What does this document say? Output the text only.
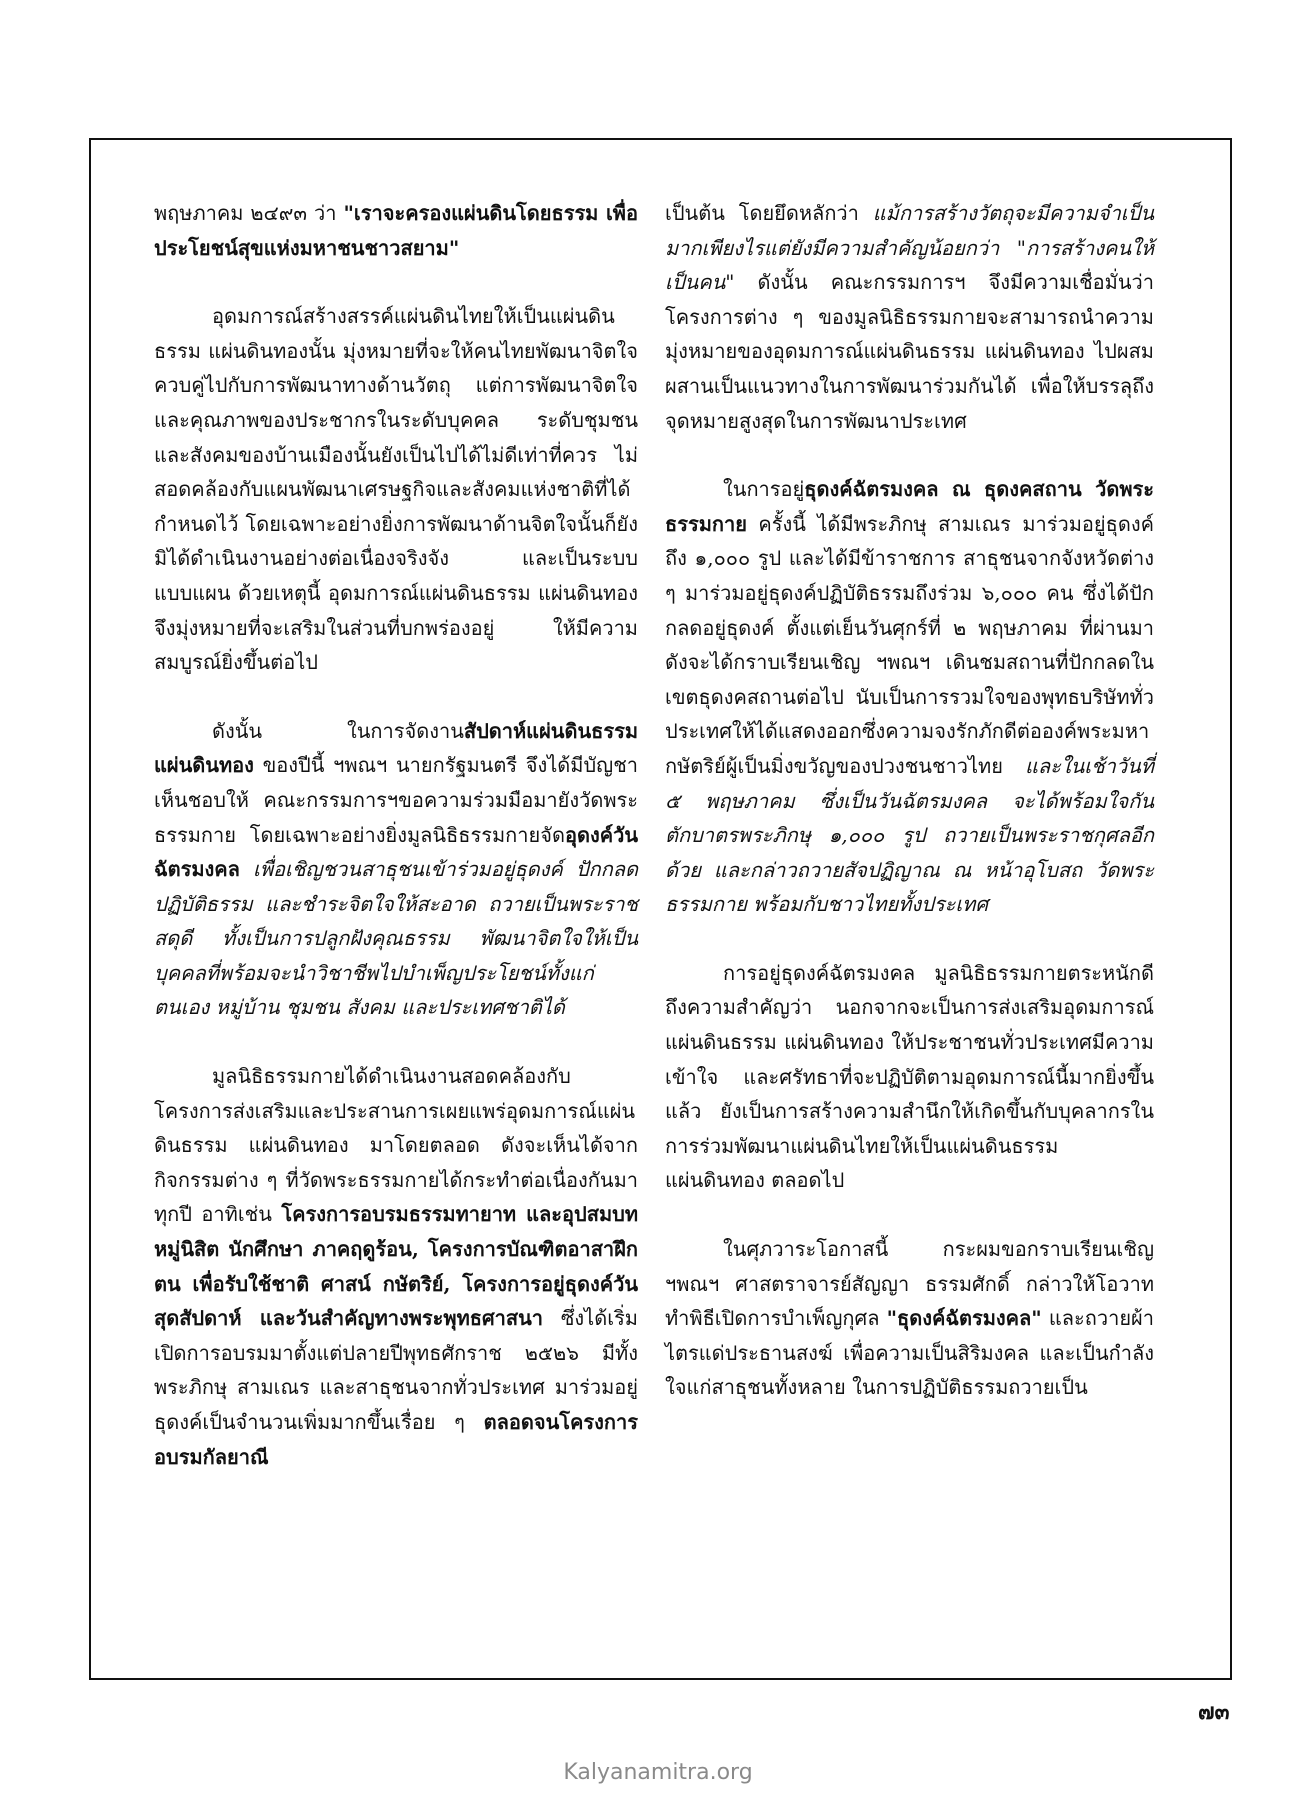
พฤษภาคม ๒๔๙๓ ว่า "เราจะครองแผ่นดินโดยธรรม เพื่อประโยชน์สุขแห่งมหาชนชาวสยาม"

อุดมการณ์สร้างสรรค์แผ่นดินไทยให้เป็นแผ่นดินธรรม แผ่นดินทองนั้น มุ่งหมายที่จะให้คนไทยพัฒนาจิตใจ ควบคู่ไปกับการพัฒนาทางด้านวัตถุ แต่การพัฒนาจิตใจและคุณภาพของประชากรในระดับบุคคล ระดับชุมชน และสังคมของบ้านเมืองนั้นยังเป็นไปได้ไม่ดีเท่าที่ควร ไม่สอดคล้องกับแผนพัฒนาเศรษฐกิจและสังคมแห่งชาติที่ได้กำหนดไว้ โดยเฉพาะอย่างยิ่งการพัฒนาด้านจิตใจนั้นก็ยังมิได้ดำเนินงานอย่างต่อเนื่องจริงจัง และเป็นระบบแบบแผน ด้วยเหตุนี้ อุดมการณ์แผ่นดินธรรม แผ่นดินทอง จึงมุ่งหมายที่จะเสริมในส่วนที่บกพร่องอยู่ ให้มีความสมบูรณ์ยิ่งขึ้นต่อไป

ดังนั้น ในการจัดงานสัปดาห์แผ่นดินธรรม แผ่นดินทอง ของปีนี้ ฯพณฯ นายกรัฐมนตรี จึงได้มีบัญชาเห็นชอบให้ คณะกรรมการฯขอความร่วมมือมายังวัดพระธรรมกาย โดยเฉพาะอย่างยิ่งมูลนิธิธรรมกายจัดอุดงค์วันฉัตรมงคล เพื่อเชิญชวนสาธุชนเข้าร่วมอยู่ธุดงค์ ปักกลดปฏิบัติธรรม และชำระจิตใจให้สะอาด ถวายเป็นพระราชสดุดี ทั้งเป็นการปลูกฝังคุณธรรม พัฒนาจิตใจให้เป็นบุคคลที่พร้อมจะนำวิชาชีพไปบำเพ็ญประโยชน์ทั้งแก่ตนเอง หมู่บ้าน ชุมชน สังคม และประเทศชาติได้

มูลนิธิธรรมกายได้ดำเนินงานสอดคล้องกับโครงการส่งเสริมและประสานการเผยแพร่อุดมการณ์แผ่นดินธรรม แผ่นดินทอง มาโดยตลอด ดังจะเห็นได้จากกิจกรรมต่าง ๆ ที่วัดพระธรรมกายได้กระทำต่อเนื่องกันมาทุกปี อาทิเช่น โครงการอบรมธรรมทายาท และอุปสมบทหมู่นิสิต นักศึกษา ภาคฤดูร้อน, โครงการบัณฑิตอาสาฝึกตน เพื่อรับใช้ชาติ ศาสน์ กษัตริย์, โครงการอยู่ธุดงค์วันสุดสัปดาห์ และวันสำคัญทางพระพุทธศาสนา ซึ่งได้เริ่มเปิดการอบรมมาตั้งแต่ปลายปีพุทธศักราช ๒๕๒๖ มีทั้งพระภิกษุ สามเณร และสาธุชนจากทั่วประเทศ มาร่วมอยู่ธุดงค์เป็นจำนวนเพิ่มมากขึ้นเรื่อย ๆ ตลอดจนโครงการอบรมกัลยาณี

เป็นต้น โดยยึดหลักว่า แม้การสร้างวัตถุจะมีความจำเป็นมากเพียงไรแต่ยังมีความสำคัญน้อยกว่า "การสร้างคนให้เป็นคน" ดังนั้น คณะกรรมการฯ จึงมีความเชื่อมั่นว่าโครงการต่าง ๆ ของมูลนิธิธรรมกายจะสามารถนำความมุ่งหมายของอุดมการณ์แผ่นดินธรรม แผ่นดินทอง ไปผสมผสานเป็นแนวทางในการพัฒนาร่วมกันได้ เพื่อให้บรรลุถึงจุดหมายสูงสุดในการพัฒนาประเทศ

ในการอยู่ธุดงค์ฉัตรมงคล ณ ธุดงคสถาน วัดพระธรรมกาย ครั้งนี้ ได้มีพระภิกษุ สามเณร มาร่วมอยู่ธุดงค์ถึง ๑,๐๐๐ รูป และได้มีข้าราชการ สาธุชนจากจังหวัดต่าง ๆ มาร่วมอยู่ธุดงค์ปฏิบัติธรรมถึงร่วม ๖,๐๐๐ คน ซึ่งได้ปักกลดอยู่ธุดงค์ ตั้งแต่เย็นวันศุกร์ที่ ๒ พฤษภาคม ที่ผ่านมา ดังจะได้กราบเรียนเชิญ ฯพณฯ เดินชมสถานที่ปักกลดในเขตธุดงคสถานต่อไป นับเป็นการรวมใจของพุทธบริษัททั่วประเทศให้ได้แสดงออกซึ่งความจงรักภักดีต่อองค์พระมหากษัตริย์ผู้เป็นมิ่งขวัญของปวงชนชาวไทย และในเช้าวันที่ ๕ พฤษภาคม ซึ่งเป็นวันฉัตรมงคล จะได้พร้อมใจกันตักบาตรพระภิกษุ ๑,๐๐๐ รูป ถวายเป็นพระราชกุศลอีกด้วย และกล่าวถวายสัจปฏิญาณ ณ หน้าอุโบสถ วัดพระธรรมกาย พร้อมกับชาวไทยทั้งประเทศ

การอยู่ธุดงค์ฉัตรมงคล มูลนิธิธรรมกายตระหนักดีถึงความสำคัญว่า นอกจากจะเป็นการส่งเสริมอุดมการณ์แผ่นดินธรรม แผ่นดินทอง ให้ประชาชนทั่วประเทศมีความเข้าใจ และศรัทธาที่จะปฏิบัติตามอุดมการณ์นี้มากยิ่งขึ้นแล้ว ยังเป็นการสร้างความสำนึกให้เกิดขึ้นกับบุคลากรในการร่วมพัฒนาแผ่นดินไทยให้เป็นแผ่นดินธรรม แผ่นดินทอง ตลอดไป

ในศุภวาระโอกาสนี้ กระผมขอกราบเรียนเชิญ ฯพณฯ ศาสตราจารย์สัญญา ธรรมศักดิ์ กล่าวให้โอวาท ทำพิธีเปิดการบำเพ็ญกุศล "ธุดงค์ฉัตรมงคล" และถวายผ้าไตรแด่ประธานสงฆ์ เพื่อความเป็นสิริมงคล และเป็นกำลังใจแก่สาธุชนทั้งหลาย ในการปฏิบัติธรรมถวายเป็น

๗๓
Kalyanamitra.org
